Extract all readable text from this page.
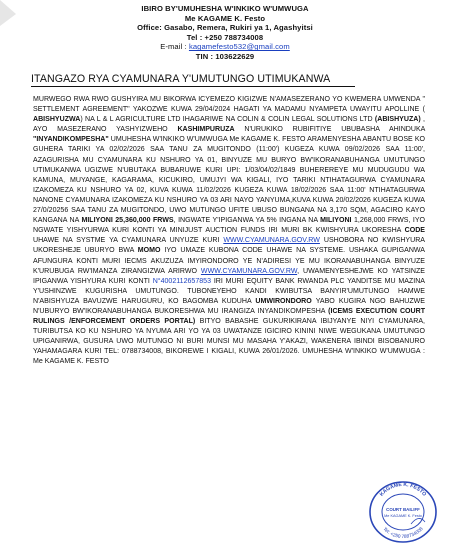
IBIRO BY'UMUHESHA W'INKIKO W'UMWUGA
Me KAGAME K. Festo
Office: Gasabo, Remera, Rukiri ya 1, Agashyitsi
Tel : +250 788734008
E-mail : kagamefesto532@gmail.com
TIN : 103622629
ITANGAZO RYA CYAMUNARA Y'UMUTUNGO UTIMUKANWA
MURWEGO RWA RWO GUSHYIRA MU BIKORWA ICYEMEZO KIGIZWE N'AMASEZERANO YO KWEMERA UMWENDA " SETTLEMENT AGREEMENT" YAKOZWE KUWA 29/04/2024 HAGATI YA MADAMU NYAMPETA UWAYITU APOLLINE ( ABISHYUZWA) NA L & L AGRICULTURE LTD IHAGARIWE NA COLIN & COLIN LEGAL SOLUTIONS LTD (ABISHYUZA) , AYO MASEZERANO YASHYIZWEHO KASHIMPURUZA N'URUKIKO RUBIFITIYE UBUBASHA AHINDUKA "INYANDIKOMPESHA" UMUHESHA W'INKIKO W'UMWUGA Me KAGAME K. FESTO ARAMENYESHA ABANTU BOSE KO GUHERA TARIKI YA 02/02/2026 SAA TANU ZA MUGITONDO (11:00') KUGEZA KUWA 09/02/2026 SAA 11:00', AZAGURISHA MU CYAMUNARA KU NSHURO YA 01, BINYUZE MU BURYO BW'IKORANABUHANGA UMUTUNGO UTIMUKANWA UGIZWE N'UBUTAKA BUBARUWE KURI UPI: 1/03/04/02/1849 BUHEREREYE MU MUDUGUDU WA KAMUNA, MUYANGE, KAGARAMA, KICUKIRO, UMUJYI WA KIGALI, IYO TARIKI NTIHATAGURWA CYAMUNARA IZAKOMEZA KU NSHURO YA 02, KUVA KUWA 11/02/2026 KUGEZA KUWA 18/02/2026 SAA 11:00' NTIHATAGURWA NANONE CYAMUNARA IZAKOMEZA KU NSHURO YA 03 ARI NAYO YANYUMA,KUVA KUWA 20/02/2026 KUGEZA KUWA 27/0/20256 SAA TANU ZA MUGITONDO, UWO MUTUNGO UFITE UBUSO BUNGANA NA 3,170 SQM, AGACIRO KAYO KANGANA NA MILIYONI 25,360,000 FRWS, INGWATE Y'IPIGANWA YA 5% INGANA NA MILIYONI 1,268,000 FRWS, IYO NGWATE YISHYURWA KURI KONTI YA MINIJUST AUCTION FUNDS IRI MURI BK KWISHYURA UKORESHA CODE UHAWE NA SYSTME YA CYAMUNARA UNYUZE KURI WWW.CYAMUNARA.GOV.RW USHOBORA NO KWISHYURA UKORESHEJE UBURYO BWA MOMO IYO UMAZE KUBONA CODE UHAWE NA SYSTEME. USHAKA GUPIGANWA AFUNGURA KONTI MURI IECMS AKUZUZA IMYIRONDORO YE N'ADIRESI YE MU IKORANABUHANGA BINYUZE K'URUBUGA RW'IMANZA ZIRANGIZWA ARIRWO WWW.CYAMUNARA.GOV.RW, UWAMENYESHEJWE KO YATSINZE IPIGANWA YISHYURA KURI KONTI N°4002112657853 IRI MURI EQUITY BANK RWANDA PLC YANDITSE MU MAZINA Y'USHINZWE KUGURISHA UMUTUNGO. TUBONEYEHO KANDI KWIBUTSA BANYIR'UMUTUNGO HAMWE N'ABISHYUZA BAVUZWE HARUGURU, KO BAGOMBA KUDUHA UMWIRONDORO YABO KUGIRA NGO BAHUZWE N'UBURYO BW'IKORANABUHANGA BUKORESHWA MU IRANGIZA INYANDIKOMPESHA (ICEMS EXECUTION COURT RULINGS /ENFORCEMENT ORDERS PORTAL) BITYO BABASHE GUKURIKIRANA IBIJYANYE NIYI CYAMUNARA, TURIBUTSA KO KU NSHURO YA NYUMA ARI YO YA 03 UWATANZE IGICIRO KININI NIWE WEGUKANA UMUTUNGO UPIGANIRWA, GUSURA UWO MUTUNGO NI BURI MUNSI MU MASAHA Y'AKAZI, WAKENERA IBINDI BISOBANURO YAHAMAGARA KURI TEL: 0788734008, BIKOREWE I KIGALI, KUWA 26/01/2026. UMUHESHA W'INKIKO W'UMWUGA : Me KAGAME K. FESTO
KAGAME K. FESTO
Tel: +250 788734008
COURT BAILIFF
Me KAGAME K. Festo
